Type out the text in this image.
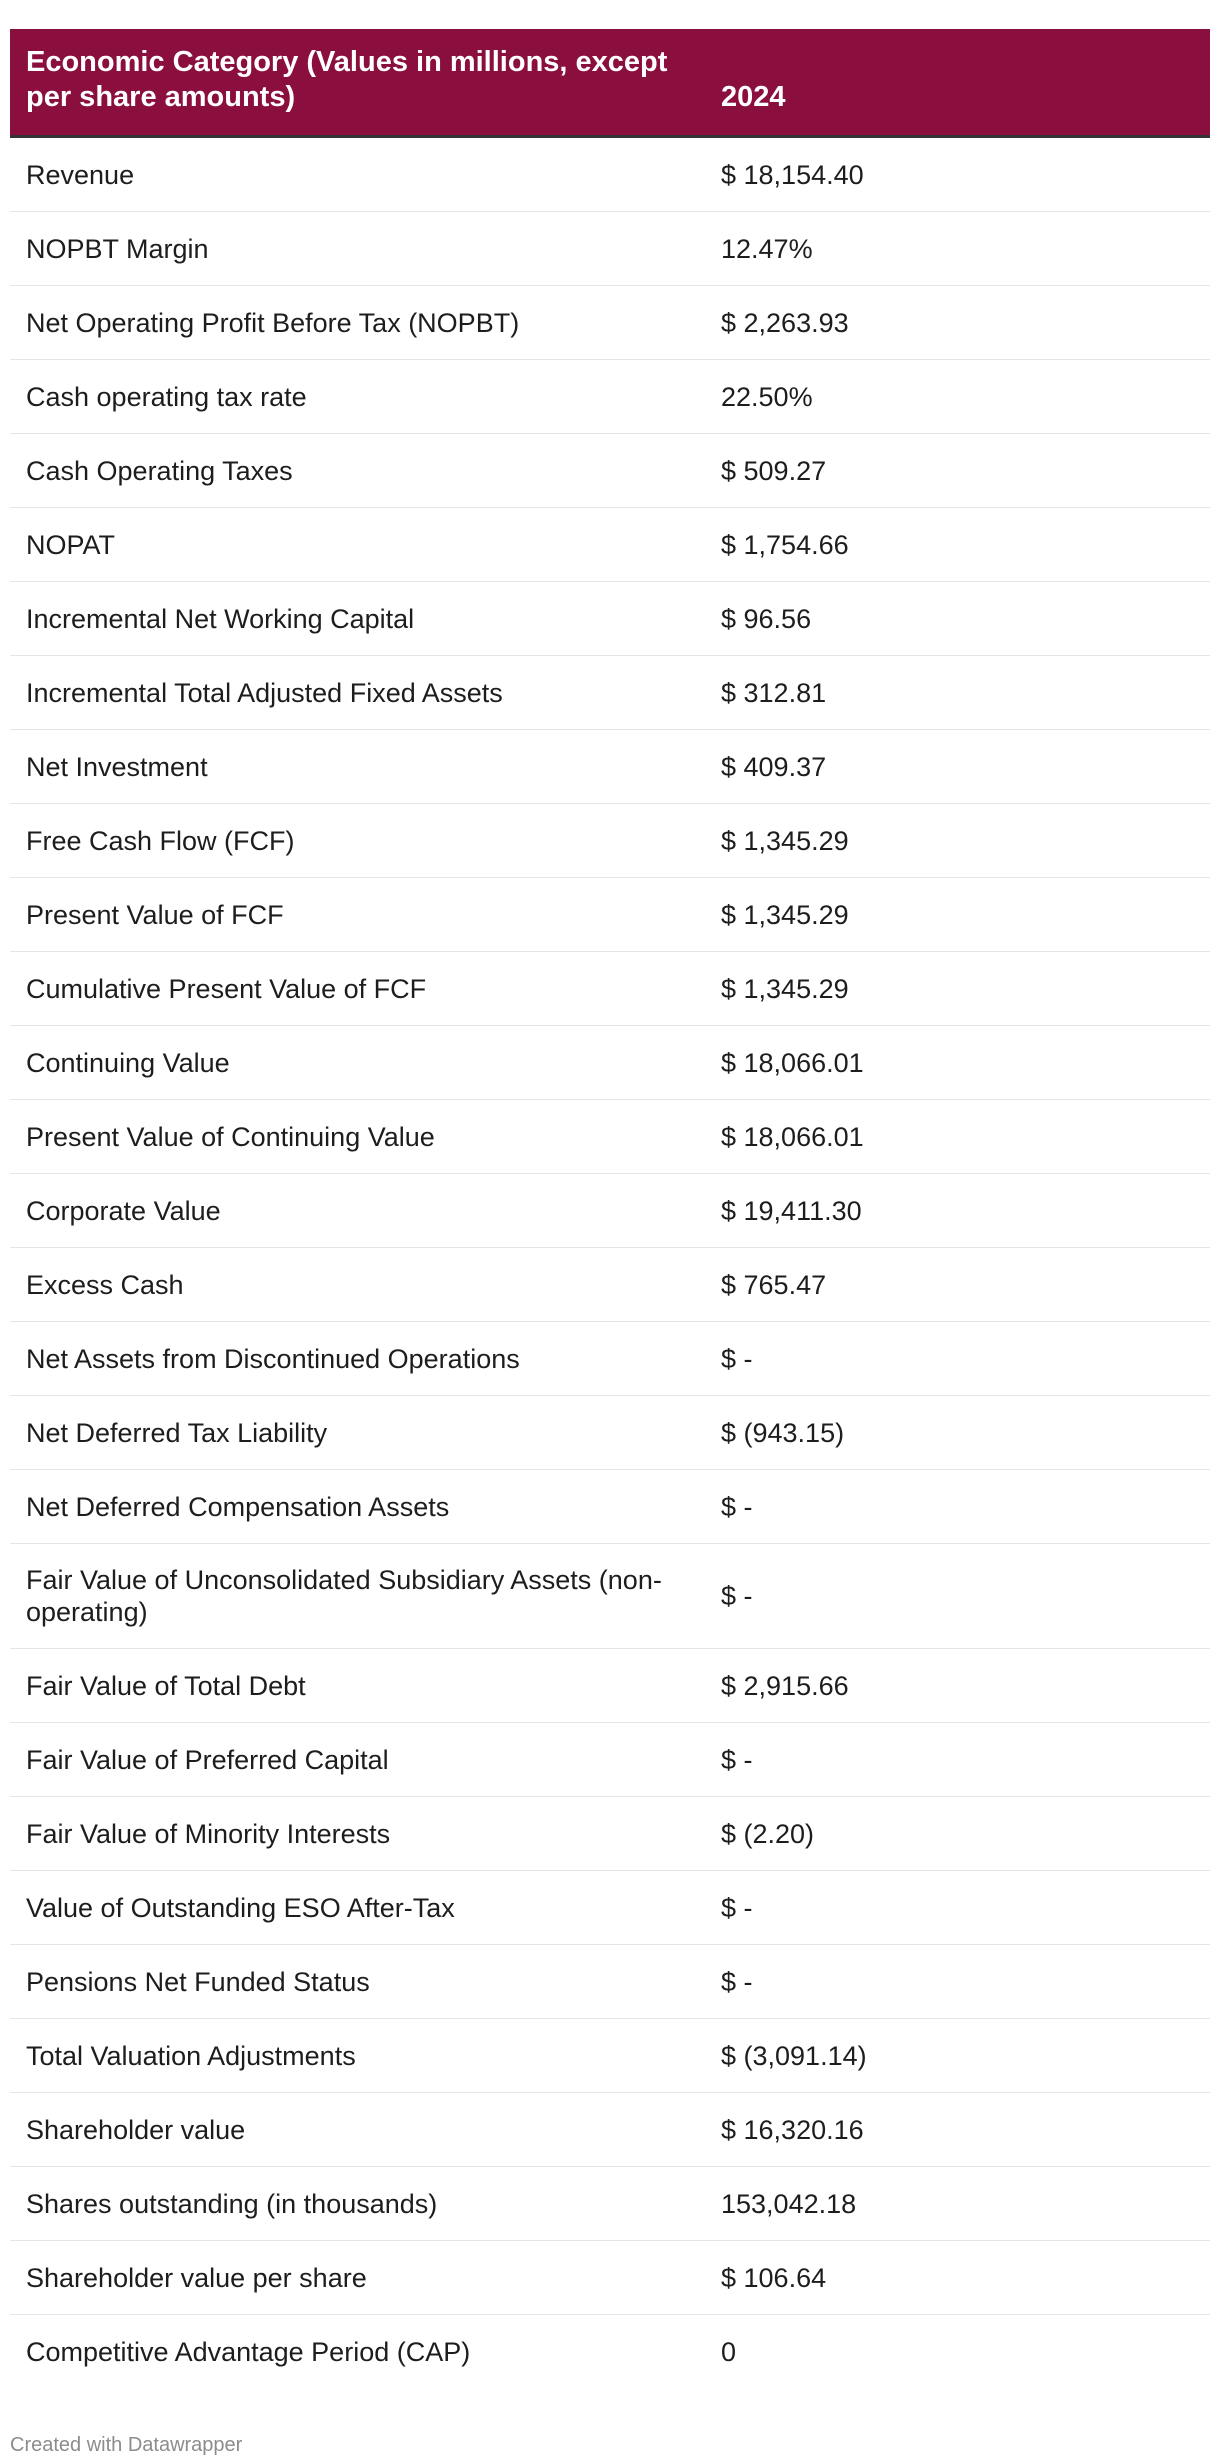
Economic Category (Values in millions, except per share amounts)	2024
Revenue	$ 18,154.40
NOPBT Margin	12.47%
Net Operating Profit Before Tax (NOPBT)	$ 2,263.93
Cash operating tax rate	22.50%
Cash Operating Taxes	$ 509.27
NOPAT	$ 1,754.66
Incremental Net Working Capital	$ 96.56
Incremental Total Adjusted Fixed Assets	$ 312.81
Net Investment	$ 409.37
Free Cash Flow (FCF)	$ 1,345.29
Present Value of FCF	$ 1,345.29
Cumulative Present Value of FCF	$ 1,345.29
Continuing Value	$ 18,066.01
Present Value of Continuing Value	$ 18,066.01
Corporate Value	$ 19,411.30
Excess Cash	$ 765.47
Net Assets from Discontinued Operations	$ -
Net Deferred Tax Liability	$ (943.15)
Net Deferred Compensation Assets	$ -
Fair Value of Unconsolidated Subsidiary Assets (non-operating)	$ -
Fair Value of Total Debt	$ 2,915.66
Fair Value of Preferred Capital	$ -
Fair Value of Minority Interests	$ (2.20)
Value of Outstanding ESO After-Tax	$ -
Pensions Net Funded Status	$ -
Total Valuation Adjustments	$ (3,091.14)
Shareholder value	$ 16,320.16
Shares outstanding (in thousands)	153,042.18
Shareholder value per share	$ 106.64
Competitive Advantage Period (CAP)	0
Created with Datawrapper
